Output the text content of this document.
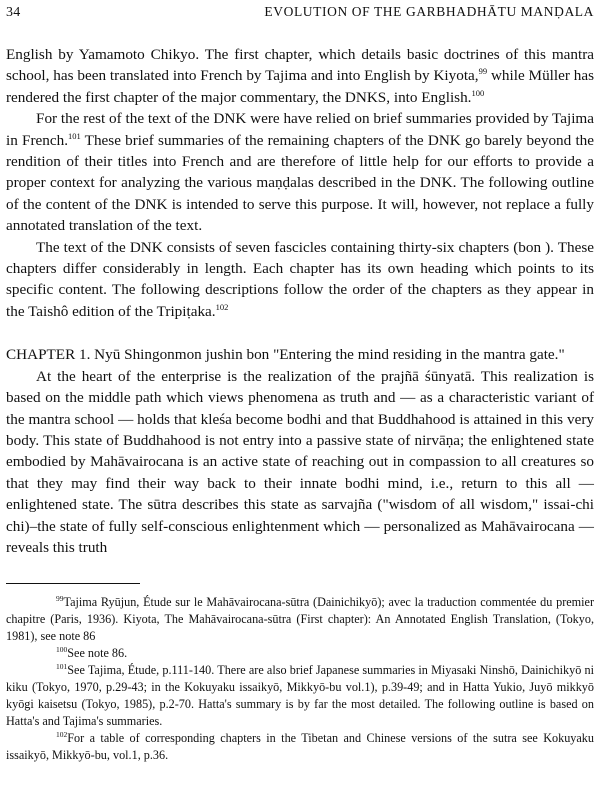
34	EVOLUTION OF THE GARBHADHĀTU MANḌALA

English by Yamamoto Chikyo. The first chapter, which details basic doctrines of this mantra school, has been translated into French by Tajima and into English by Kiyota,$^{99}$ while Müller has rendered the first chapter of the major commentary, the DNKS, into English.$^{100}$

For the rest of the text of the DNK were have relied on brief summaries provided by Tajima in French.$^{101}$ These brief summaries of the remaining chapters of the DNK go barely beyond the rendition of their titles into French and are therefore of little help for our efforts to provide a proper context for analyzing the various maṇḍalas described in the DNK. The following outline of the content of the DNK is intended to serve this purpose. It will, however, not replace a fully annotated translation of the text.

The text of the DNK consists of seven fascicles containing thirty-six chapters (bon ). These chapters differ considerably in length. Each chapter has its own heading which points to its specific content. The following descriptions follow the order of the chapters as they appear in the Taishô edition of the Tripiṭaka.$^{102}$

CHAPTER 1. Nyū Shingonmon jushin bon "Entering the mind residing in the mantra gate."

At the heart of the enterprise is the realization of the prajñā śūnyatā. This realization is based on the middle path which views phenomena as truth and — as a characteristic variant of the mantra school — holds that kleśa become bodhi and that Buddhahood is attained in this very body. This state of Buddhahood is not entry into a passive state of nirvāṇa; the enlightened state embodied by Mahāvairocana is an active state of reaching out in compassion to all creatures so that they may find their way back to their innate bodhi mind, i.e., return to this all — enlightened state. The sūtra describes this state as sarvajña ("wisdom of all wisdom," issai-chi chi)–the state of fully self-conscious enlightenment which — personalized as Mahāvairocana — reveals this truth

$^{99}$Tajima Ryūjun, Étude sur le Mahāvairocana-sūtra (Dainichikyō); avec la traduction commentée du premier chapitre (Paris, 1936). Kiyota, The Mahāvairocana-sūtra (First chapter): An Annotated English Translation, (Tokyo, 1981), see note 86

$^{100}$See note 86.

$^{101}$See Tajima, Étude, p.111-140. There are also brief Japanese summaries in Miyasaki Ninshō, Dainichikyō ni kiku (Tokyo, 1970, p.29-43; in the Kokuyaku issaikyō, Mikkyō-bu vol.1), p.39-49; and in Hatta Yukio, Juyō mikkyō kyōgi kaisetsu (Tokyo, 1985), p.2-70. Hatta's summary is by far the most detailed. The following outline is based on Hatta's and Tajima's summaries.

$^{102}$For a table of corresponding chapters in the Tibetan and Chinese versions of the sutra see Kokuyaku issaikyō, Mikkyō-bu, vol.1, p.36.
